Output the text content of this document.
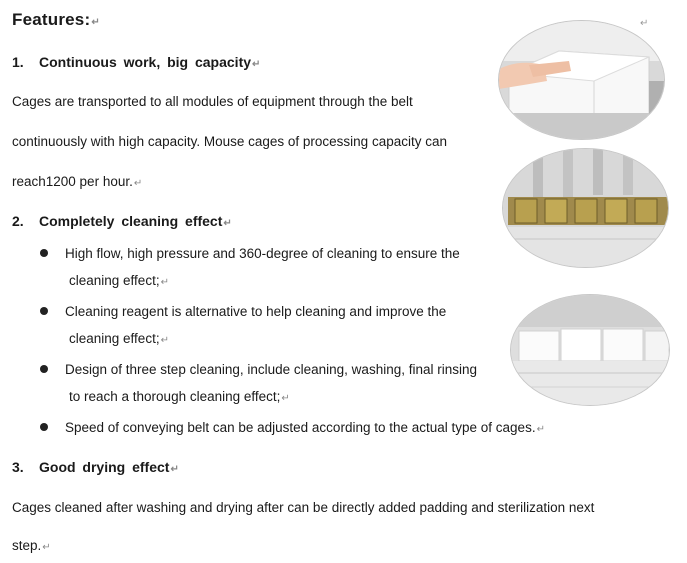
Features:↵	↵
1. Continuous work, big capacity↵
Cages are transported to all modules of equipment through the belt
continuously with high capacity. Mouse cages of processing capacity can
reach1200 per hour.↵
2. Completely cleaning effect↵
High flow, high pressure and 360-degree of cleaning to ensure the
cleaning effect;↵
Cleaning reagent is alternative to help cleaning and improve the
cleaning effect;↵
Design of three step cleaning, include cleaning, washing, final rinsing
to reach a thorough cleaning effect;↵
Speed of conveying belt can be adjusted according to the actual type of cages.↵
3. Good drying effect↵
Cages cleaned after washing and drying after can be directly added padding and sterilization next
step.↵
